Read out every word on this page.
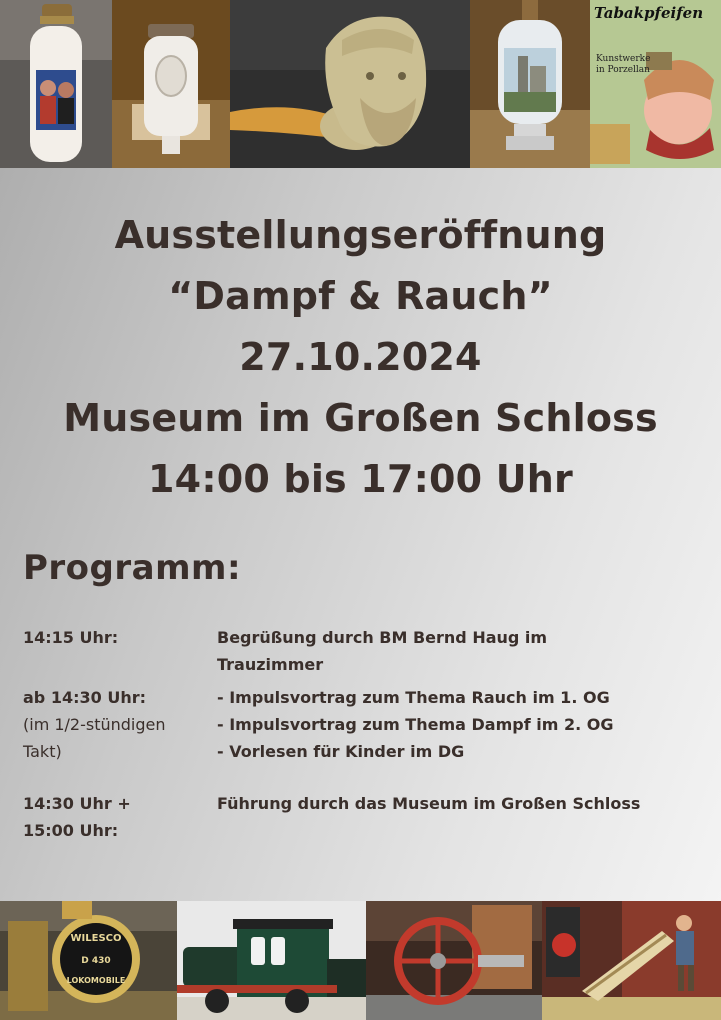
Tabakpfeifen
Kunstwerke
in Porzellan
Ausstellungseröffnung
“Dampf & Rauch”
27.10.2024
Museum im Großen Schloss
14:00 bis 17:00 Uhr
Programm:
14:15 Uhr:	Begrüßung durch BM Bernd Haug im
Trauzimmer
ab 14:30 Uhr:
(im 1/2-stündigen
Takt)
- Impulsvortrag zum Thema Rauch im 1. OG
- Impulsvortrag zum Thema Dampf im 2. OG
- Vorlesen für Kinder im DG
14:30 Uhr +
15:00 Uhr:
Führung durch das Museum im Großen Schloss
WILESCO
D 430
LOKOMOBILE
